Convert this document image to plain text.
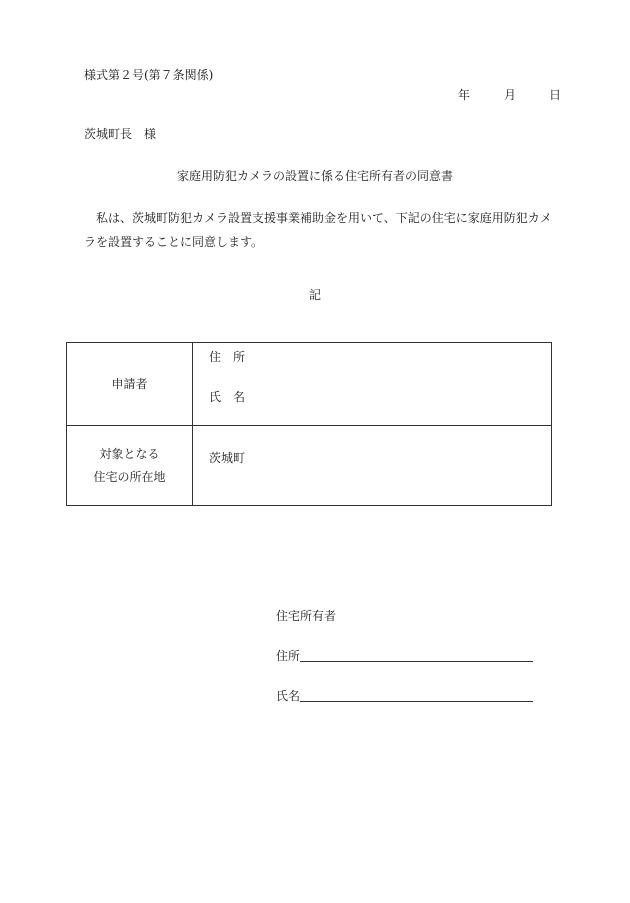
様式第２号(第７条関係)
年	月	日
茨城町長　様
家庭用防犯カメラの設置に係る住宅所有者の同意書
私は、茨城町防犯カメラ設置支援事業補助金を用いて、下記の住宅に家庭用防犯カメラを設置することに同意します。
記
申請者	住　所
氏　名

対象となる
住宅の所在地	茨城町
住宅所有者
住所
氏名
